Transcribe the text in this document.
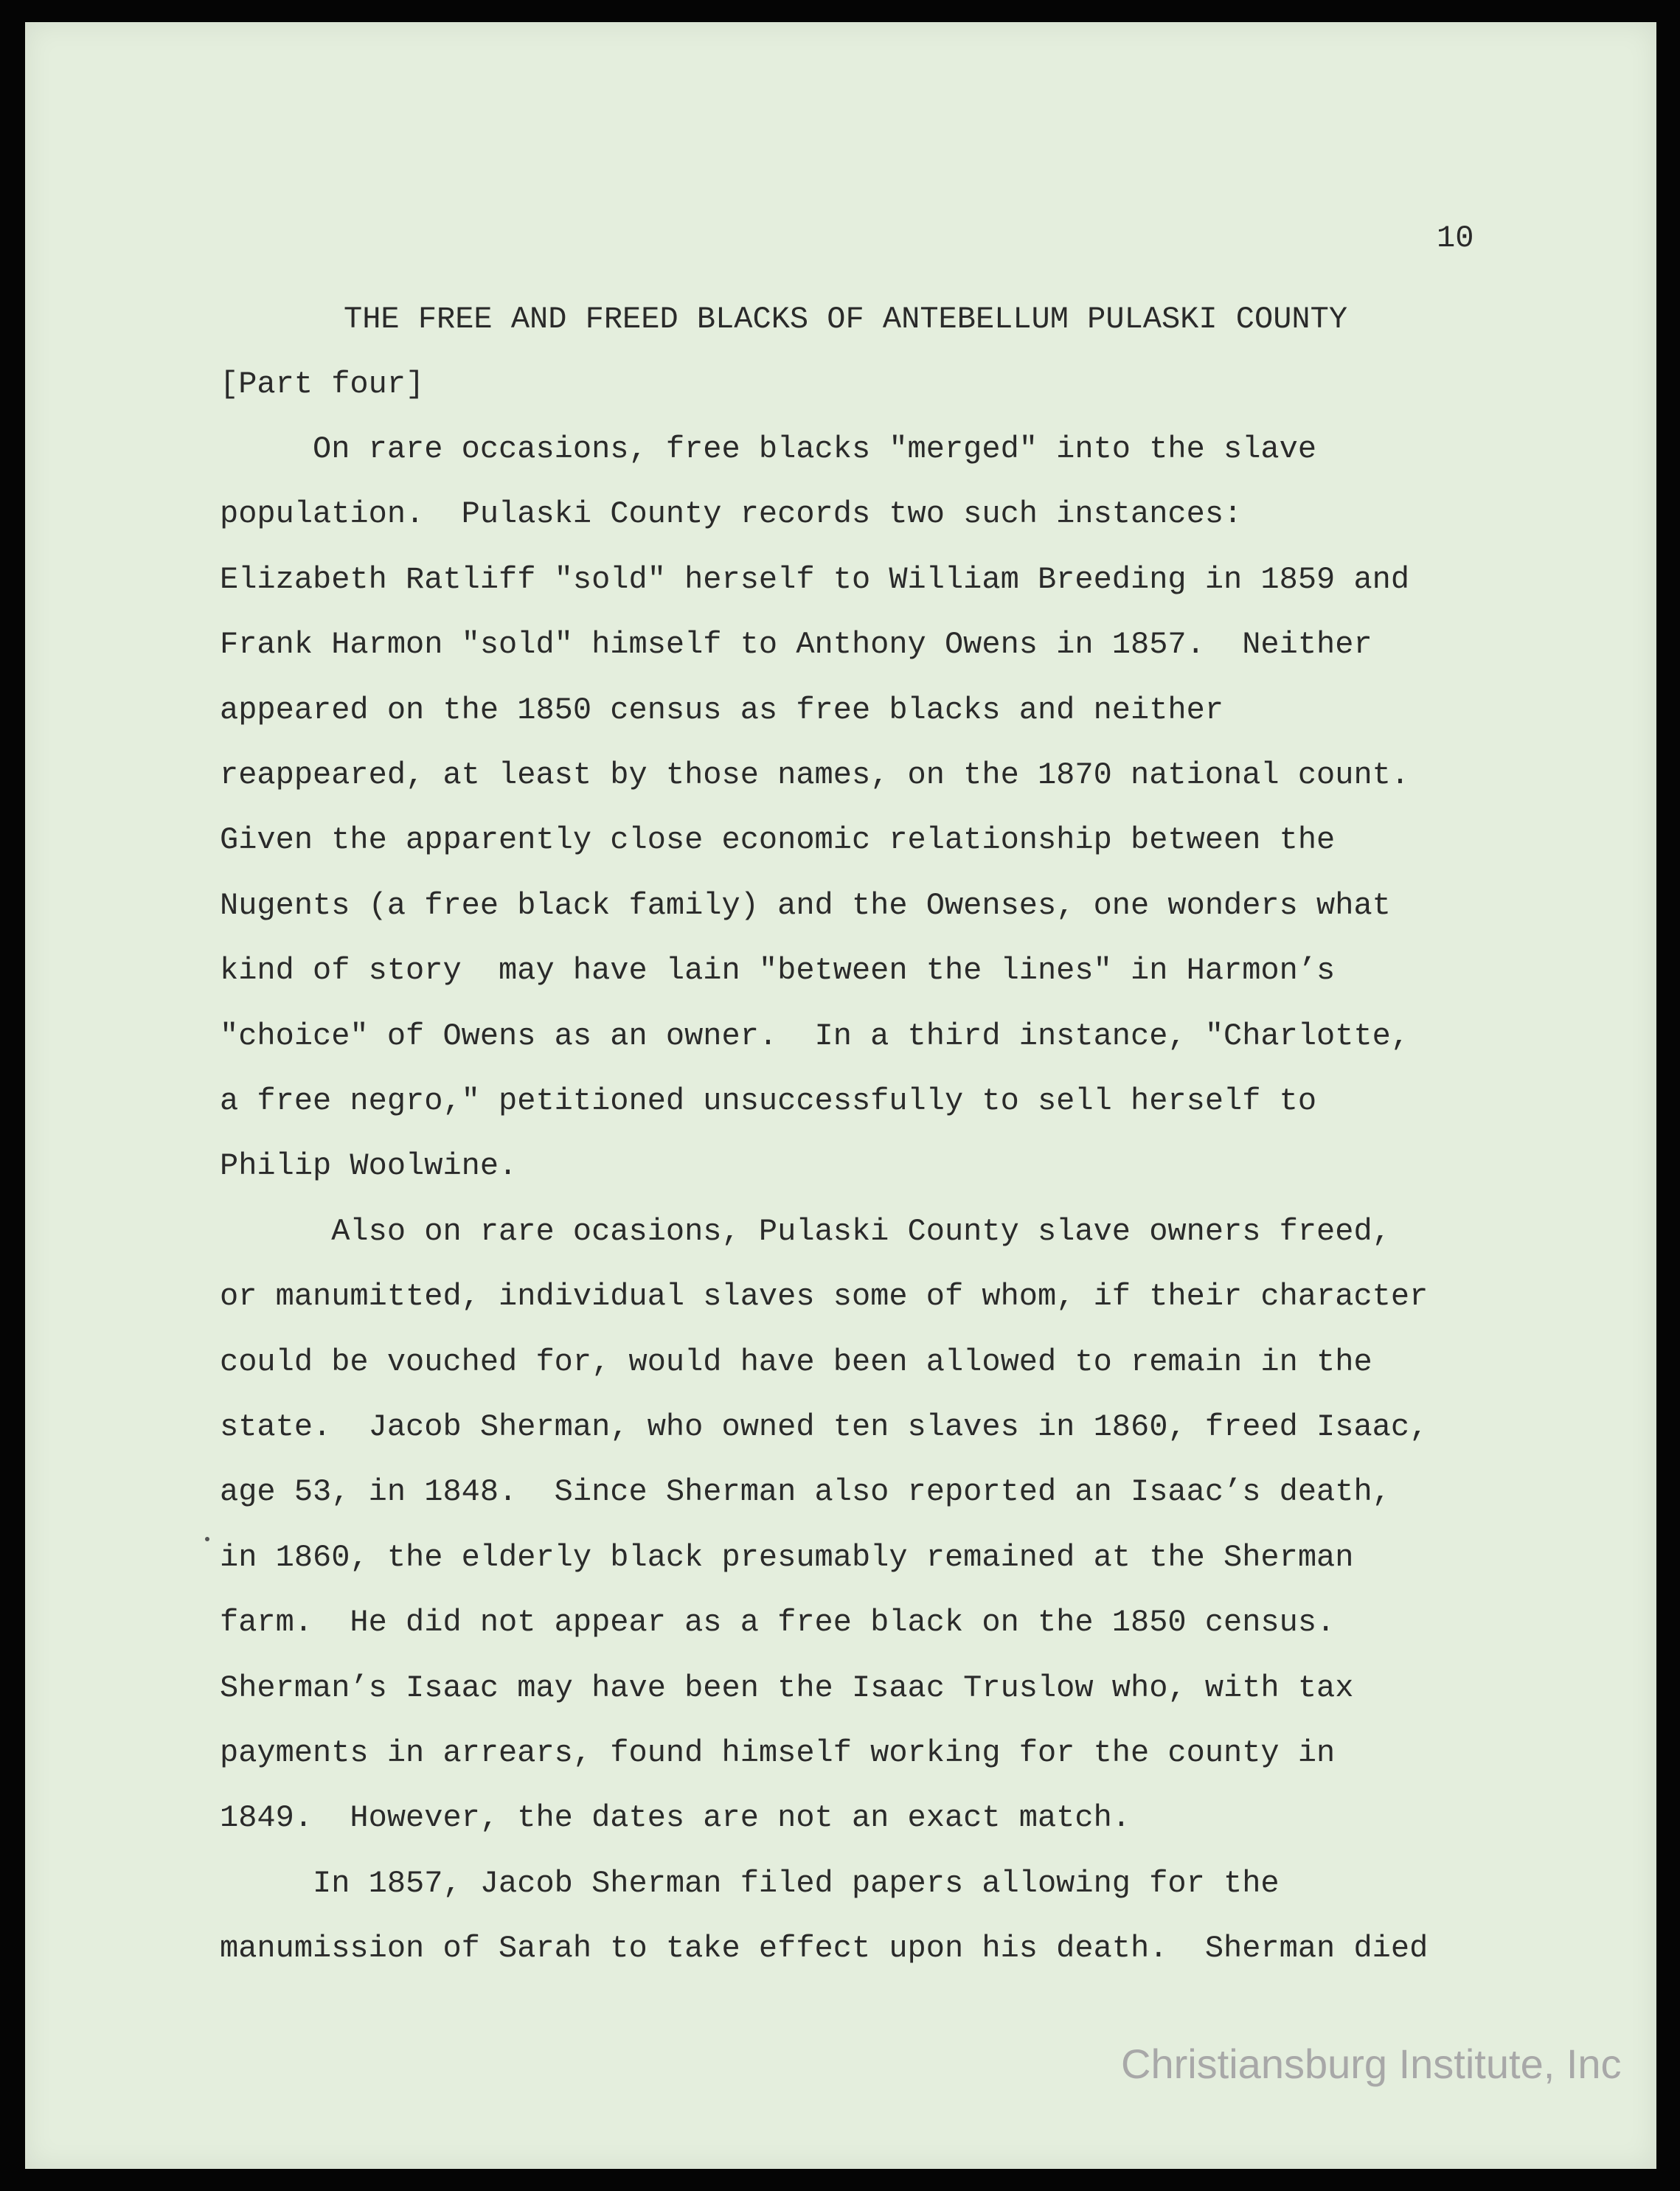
10
THE FREE AND FREED BLACKS OF ANTEBELLUM PULASKI COUNTY
[Part four]
On rare occasions, free blacks "merged" into the slave
population.  Pulaski County records two such instances:
Elizabeth Ratliff "sold" herself to William Breeding in 1859 and
Frank Harmon "sold" himself to Anthony Owens in 1857.  Neither
appeared on the 1850 census as free blacks and neither
reappeared, at least by those names, on the 1870 national count.
Given the apparently close economic relationship between the
Nugents (a free black family) and the Owenses, one wonders what
kind of story  may have lain "between the lines" in Harmon’s
"choice" of Owens as an owner.  In a third instance, "Charlotte,
a free negro," petitioned unsuccessfully to sell herself to
Philip Woolwine.
Also on rare ocasions, Pulaski County slave owners freed,
or manumitted, individual slaves some of whom, if their character
could be vouched for, would have been allowed to remain in the
state.  Jacob Sherman, who owned ten slaves in 1860, freed Isaac,
age 53, in 1848.  Since Sherman also reported an Isaac’s death,
in 1860, the elderly black presumably remained at the Sherman
farm.  He did not appear as a free black on the 1850 census.
Sherman’s Isaac may have been the Isaac Truslow who, with tax
payments in arrears, found himself working for the county in
1849.  However, the dates are not an exact match.
In 1857, Jacob Sherman filed papers allowing for the
manumission of Sarah to take effect upon his death.  Sherman died
Christiansburg Institute, Inc
